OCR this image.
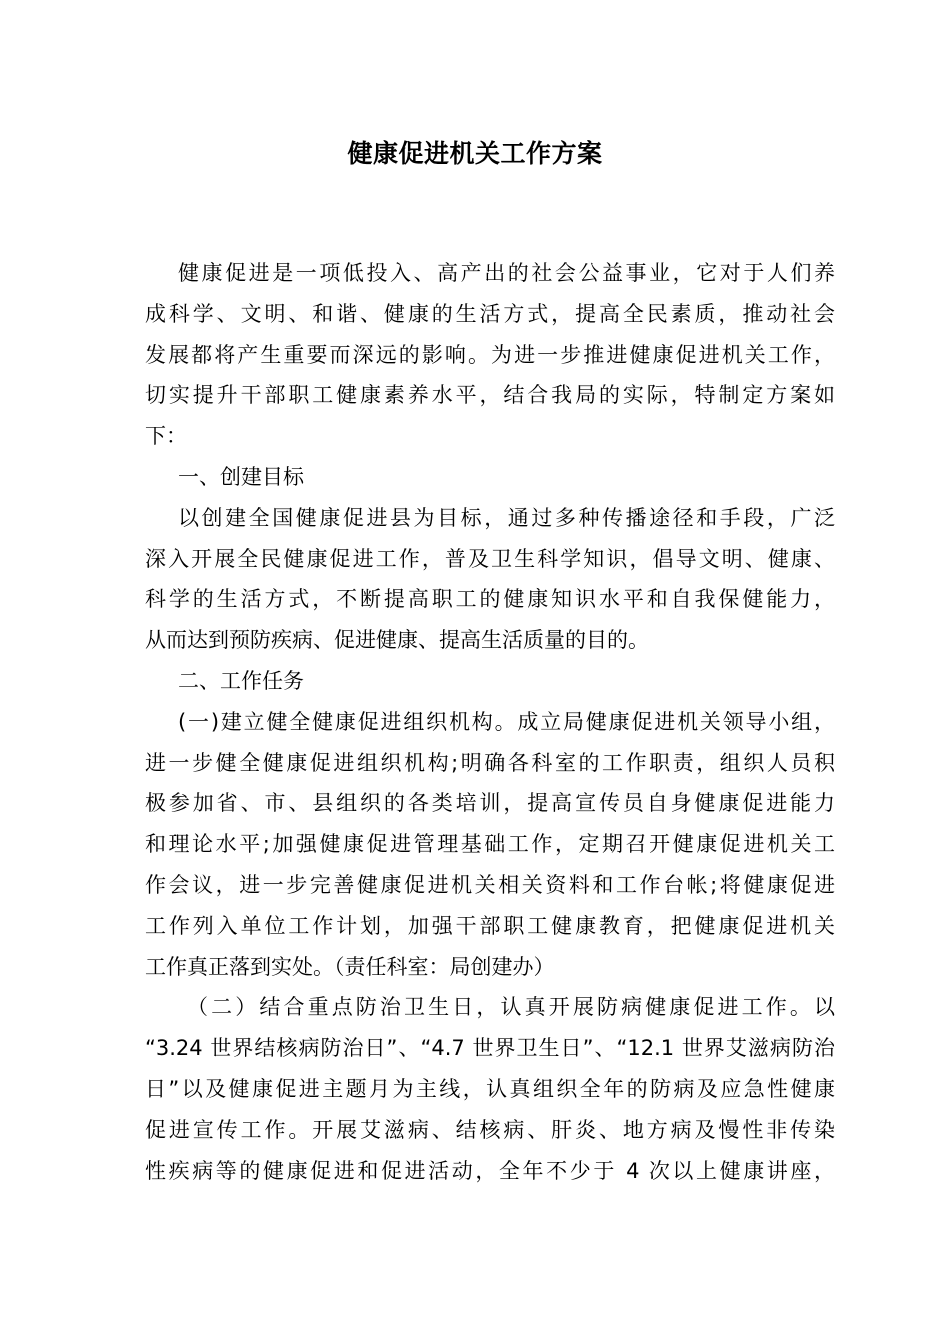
健康促进机关工作方案
健康促进是一项低投入、高产出的社会公益事业，它对于人们养
成科学、文明、和谐、健康的生活方式，提高全民素质，推动社会
发展都将产生重要而深远的影响。为进一步推进健康促进机关工作，
切实提升干部职工健康素养水平，结合我局的实际，特制定方案如
下：
一、创建目标
以创建全国健康促进县为目标，通过多种传播途径和手段，广泛
深入开展全民健康促进工作，普及卫生科学知识，倡导文明、健康、
科学的生活方式，不断提高职工的健康知识水平和自我保健能力，
从而达到预防疾病、促进健康、提高生活质量的目的。
二、工作任务
(一)建立健全健康促进组织机构。成立局健康促进机关领导小组，
进一步健全健康促进组织机构;明确各科室的工作职责，组织人员积
极参加省、市、县组织的各类培训，提高宣传员自身健康促进能力
和理论水平;加强健康促进管理基础工作，定期召开健康促进机关工
作会议，进一步完善健康促进机关相关资料和工作台帐;将健康促进
工作列入单位工作计划，加强干部职工健康教育，把健康促进机关
工作真正落到实处。（责任科室：局创建办）
（二）结合重点防治卫生日，认真开展防病健康促进工作。以
“3.24 世界结核病防治日”、“4.7 世界卫生日”、“12.1 世界艾滋病防治
日”以及健康促进主题月为主线，认真组织全年的防病及应急性健康
促进宣传工作。开展艾滋病、结核病、肝炎、地方病及慢性非传染
性疾病等的健康促进和促进活动，全年不少于 4 次以上健康讲座，
